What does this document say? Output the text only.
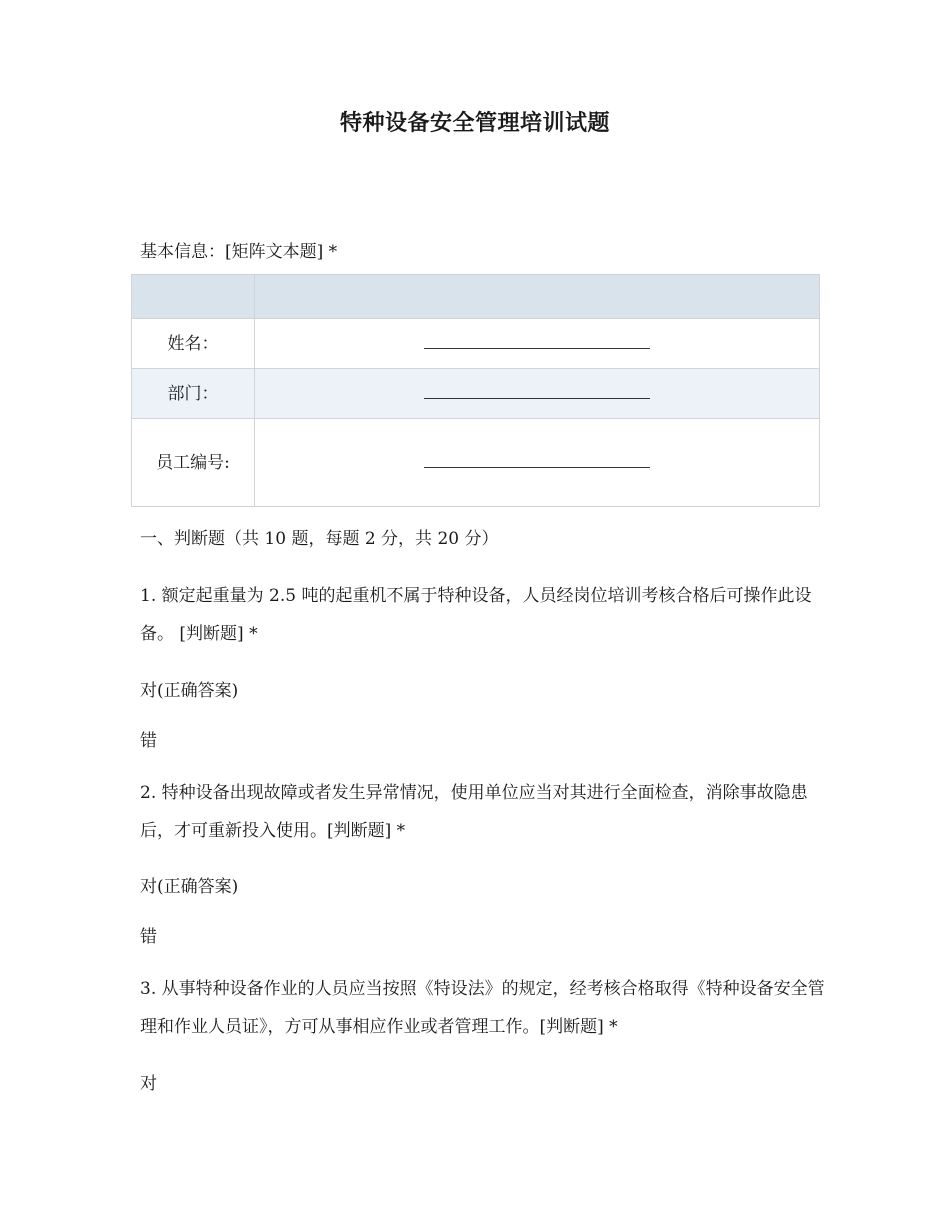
特种设备安全管理培训试题
基本信息：[矩阵文本题] *

姓名：	
部门：	
员工编号:	
一、判断题（共 10 题，每题 2 分，共 20 分）
1. 额定起重量为 2.5 吨的起重机不属于特种设备，人员经岗位培训考核合格后可操作此设备。 [判断题] *
对(正确答案)
错
2. 特种设备出现故障或者发生异常情况，使用单位应当对其进行全面检查，消除事故隐患后，才可重新投入使用。[判断题] *
对(正确答案)
错
3. 从事特种设备作业的人员应当按照《特设法》的规定，经考核合格取得《特种设备安全管理和作业人员证》，方可从事相应作业或者管理工作。[判断题] *
对
